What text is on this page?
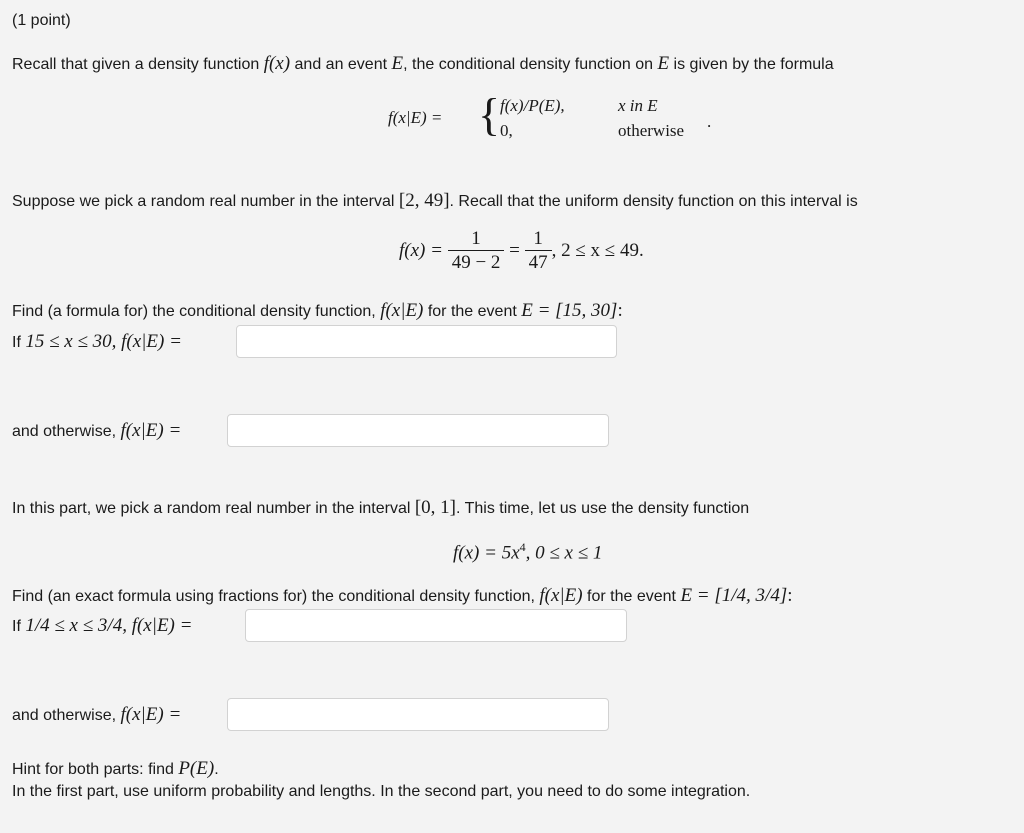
(1 point)
Recall that given a density function f(x) and an event E, the conditional density function on E is given by the formula
f(x|E) = { f(x)/P(E),	x in E
0,	otherwise .
Suppose we pick a random real number in the interval [2, 49]. Recall that the uniform density function on this interval is
$f(x) = \frac{1}{49 - 2} = \frac{1}{47}$ , 2 ≤ x ≤ 49.
Find (a formula for) the conditional density function, f(x|E) for the event E = [15, 30]:
If 15 ≤ x ≤ 30, f(x|E) =
and otherwise, f(x|E) =
In this part, we pick a random real number in the interval [0, 1]. This time, let us use the density function
$f(x) = 5x^4$, 0 ≤ x ≤ 1
Find (an exact formula using fractions for) the conditional density function, f(x|E) for the event E = [1/4, 3/4]:
If 1/4 ≤ x ≤ 3/4, f(x|E) =
and otherwise, f(x|E) =
Hint for both parts: find P(E).
In the first part, use uniform probability and lengths. In the second part, you need to do some integration.
